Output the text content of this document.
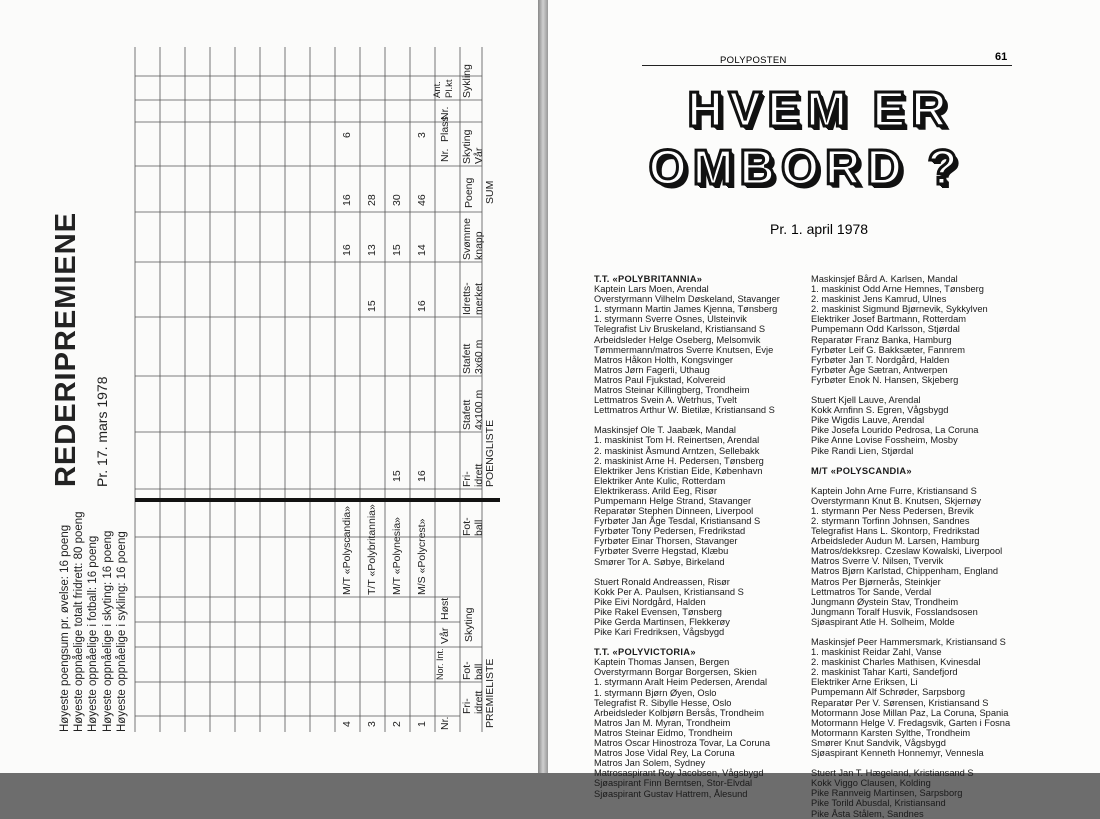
Høyeste poengsum pr. øvelse: 16 poeng Høyeste oppnåelige totalt fridrett: 80 poeng Høyeste oppnåelige i fotball: 16 poeng Høyeste oppnåelige i skyting: 16 poeng Høyeste oppnåelige i sykling: 16 poeng
REDERIPREMIENE Pr. 17. mars 1978
PREMIELISTE
POENGLISTE
SUM
Fri-
idrett
Fot-
ball
Skyting
Fot-
ball
Fri-
idrett
Stafett
4x100 m
Stafett
3x60 m
Idretts-
merket
Svømme
knapp
Poeng
Skyting
Vår
Sykling
Nr.
Nor. Int.
Vår
Høst
Nr.
Plass
Nr.
Ant.
Pl.kt
1
M/S «Polycrest»
16
16
14
46
3
2
M/T «Polynesia»
15
15
30
3
T/T «Polybritannia»
15
13
28
4
M/T «Polyscandia»
16
16
6
POLYPOSTEN	61
HVEM ER
OMBORD ?
Pr. 1. april 1978
T.T. «POLYBRITANNIA»
Kaptein Lars Moen, Arendal
Overstyrmann Vilhelm Døskeland, Stavanger
1. styrmann Martin James Kjenna, Tønsberg
1. styrmann Sverre Osnes, Ulsteinvik
Telegrafist Liv Bruskeland, Kristiansand S
Arbeidsleder Helge Oseberg, Melsomvik
Tømmermann/matros Sverre Knutsen, Evje
Matros Håkon Holth, Kongsvinger
Matros Jørn Fagerli, Uthaug
Matros Paul Fjukstad, Kolvereid
Matros Steinar Killingberg, Trondheim
Lettmatros Svein A. Wetrhus, Tvelt
Lettmatros Arthur W. Bietilæ, Kristiansand S
Maskinsjef Ole T. Jaabæk, Mandal
1. maskinist Tom H. Reinertsen, Arendal
2. maskinist Åsmund Arntzen, Sellebakk
2. maskinist Arne H. Pedersen, Tønsberg
Elektriker Jens Kristian Eide, København
Elektriker Ante Kulic, Rotterdam
Elektrikerass. Arild Eeg, Risør
Pumpemann Helge Strand, Stavanger
Reparatør Stephen Dinneen, Liverpool
Fyrbøter Jan Åge Tesdal, Kristiansand S
Fyrbøter Tony Pedersen, Fredrikstad
Fyrbøter Einar Thorsen, Stavanger
Fyrbøter Sverre Hegstad, Klæbu
Smører Tor A. Søbye, Birkeland
Stuert Ronald Andreassen, Risør
Kokk Per A. Paulsen, Kristiansand S
Pike Eivi Nordgård, Halden
Pike Rakel Evensen, Tønsberg
Pike Gerda Martinsen, Flekkerøy
Pike Kari Fredriksen, Vågsbygd
T.T. «POLYVICTORIA»
Kaptein Thomas Jansen, Bergen
Overstyrmann Borgar Borgersen, Skien
1. styrmann Aralt Heim Pedersen, Arendal
1. styrmann Bjørn Øyen, Oslo
Telegrafist R. Sibylle Hesse, Oslo
Arbeidsleder Kolbjørn Bersås, Trondheim
Matros Jan M. Myran, Trondheim
Matros Steinar Eidmo, Trondheim
Matros Oscar Hinostroza Tovar, La Coruna
Matros Jose Vidal Rey, La Coruna
Matros Jan Solem, Sydney
Matrosaspirant Roy Jacobsen, Vågsbygd
Sjøaspirant Finn Berntsen, Stor-Elvdal
Sjøaspirant Gustav Hattrem, Ålesund
Maskinsjef Bård A. Karlsen, Mandal
1. maskinist Odd Arne Hemnes, Tønsberg
2. maskinist Jens Kamrud, Ulnes
2. maskinist Sigmund Bjørnevik, Sykkylven
Elektriker Josef Bartmann, Rotterdam
Pumpemann Odd Karlsson, Stjørdal
Reparatør Franz Banka, Hamburg
Fyrbøter Leif G. Bakksæter, Fannrem
Fyrbøter Jan T. Nordgård, Halden
Fyrbøter Åge Sætran, Antwerpen
Fyrbøter Enok N. Hansen, Skjeberg
Stuert Kjell Lauve, Arendal
Kokk Arnfinn S. Egren, Vågsbygd
Pike Wigdis Lauve, Arendal
Pike Josefa Lourido Pedrosa, La Coruna
Pike Anne Lovise Fossheim, Mosby
Pike Randi Lien, Stjørdal
M/T «POLYSCANDIA»
Kaptein John Arne Furre, Kristiansand S
Overstyrmann Knut B. Knutsen, Skjernøy
1. styrmann Per Ness Pedersen, Brevik
2. styrmann Torfinn Johnsen, Sandnes
Telegrafist Hans L. Skontorp, Fredrikstad
Arbeidsleder Audun M. Larsen, Hamburg
Matros/dekksrep. Czeslaw Kowalski, Liverpool
Matros Sverre V. Nilsen, Tvervik
Matros Bjørn Karlstad, Chippenham, England
Matros Per Bjørnerås, Steinkjer
Lettmatros Tor Sande, Verdal
Jungmann Øystein Stav, Trondheim
Jungmann Toralf Husvik, Fosslandsosen
Sjøaspirant Atle H. Solheim, Molde
Maskinsjef Peer Hammersmark, Kristiansand S
1. maskinist Reidar Zahl, Vanse
2. maskinist Charles Mathisen, Kvinesdal
2. maskinist Tahar Karti, Sandefjord
Elektriker Arne Eriksen, Li
Pumpemann Alf Schrøder, Sarpsborg
Reparatør Per V. Sørensen, Kristiansand S
Motormann Jose Millan Paz, La Coruna, Spania
Motormann Helge V. Fredagsvik, Garten i Fosna
Motormann Karsten Sylthe, Trondheim
Smører Knut Sandvik, Vågsbygd
Sjøaspirant Kenneth Honnemyr, Vennesla
Stuert Jan T. Hægeland, Kristiansand S
Kokk Viggo Clausen, Kolding
Pike Rannveig Martinsen, Sarpsborg
Pike Torild Abusdal, Kristiansand
Pike Åsta Stålem, Sandnes
